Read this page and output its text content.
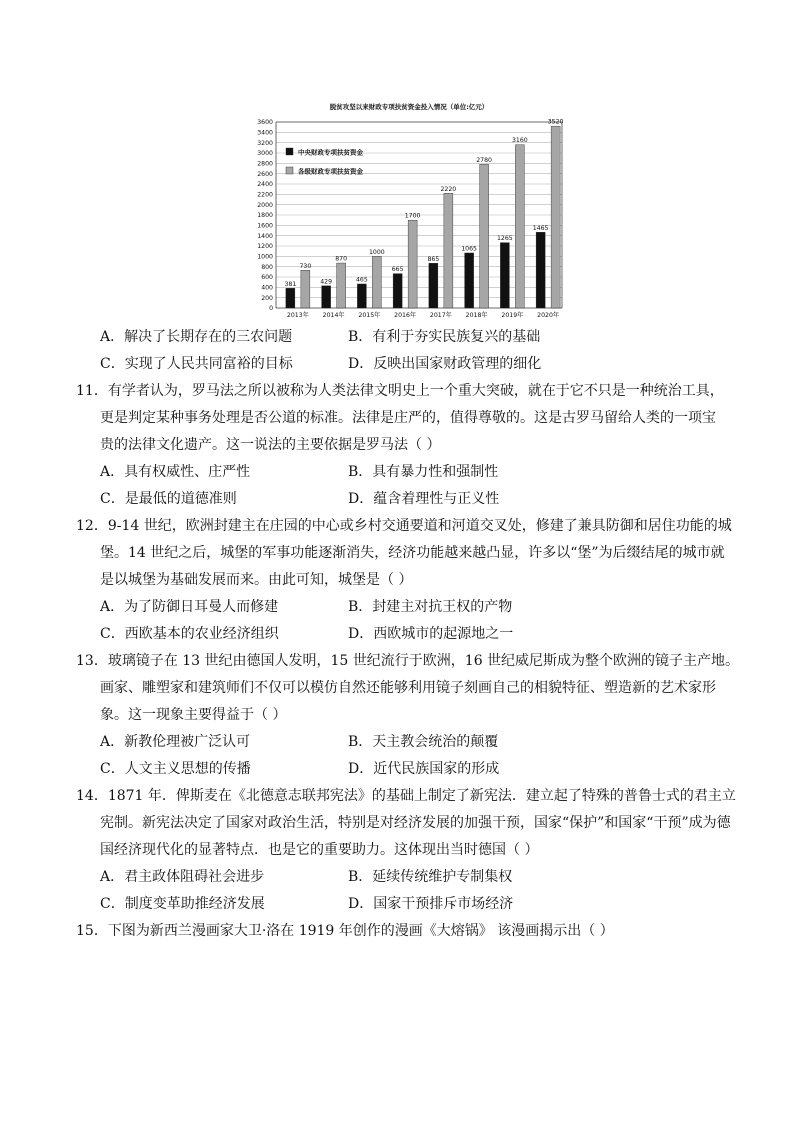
脱贫攻坚以来财政专项扶贫资金投入情况（单位:亿元）
0
200
400
600
800
1000
1200
1400
1600
1800
2000
2200
2400
2600
2800
3000
3200
3400
3600
381
730
2013年
429
870
2014年
465
1000
2015年
665
1700
2016年
865
2220
2017年
1065
2780
2018年
1265
3160
2019年
1465
3520
2020年
中央财政专项扶贫资金
各级财政专项扶贫资金
A．解决了长期存在的三农问题	B．有利于夯实民族复兴的基础
C．实现了人民共同富裕的目标	D．反映出国家财政管理的细化
11．有学者认为，罗马法之所以被称为人类法律文明史上一个重大突破，就在于它不只是一种统治工具，
更是判定某种事务处理是否公道的标准。法律是庄严的，值得尊敬的。这是古罗马留给人类的一项宝
贵的法律文化遗产。这一说法的主要依据是罗马法（ ）
A．具有权威性、庄严性	B．具有暴力性和强制性
C．是最低的道德准则	D．蕴含着理性与正义性
12．9-14 世纪，欧洲封建主在庄园的中心或乡村交通要道和河道交叉处，修建了兼具防御和居住功能的城
堡。14 世纪之后，城堡的军事功能逐渐消失，经济功能越来越凸显，许多以“堡”为后缀结尾的城市就
是以城堡为基础发展而来。由此可知，城堡是（ ）
A．为了防御日耳曼人而修建	B．封建主对抗王权的产物
C．西欧基本的农业经济组织	D．西欧城市的起源地之一
13．玻璃镜子在 13 世纪由德国人发明，15 世纪流行于欧洲，16 世纪威尼斯成为整个欧洲的镜子主产地。
画家、雕塑家和建筑师们不仅可以模仿自然还能够利用镜子刻画自己的相貌特征、塑造新的艺术家形
象。这一现象主要得益于（ ）
A．新教伦理被广泛认可	B．天主教会统治的颠覆
C．人文主义思想的传播	D．近代民族国家的形成
14．1871 年．俾斯麦在《北德意志联邦宪法》的基础上制定了新宪法．建立起了特殊的普鲁士式的君主立
宪制。新宪法决定了国家对政治生活，特别是对经济发展的加强干预，国家“保护”和国家“干预”成为德
国经济现代化的显著特点．也是它的重要助力。这体现出当时德国（ ）
A．君主政体阻碍社会进步	B．延续传统维护专制集权
C．制度变革助推经济发展	D．国家干预排斥市场经济
15．下图为新西兰漫画家大卫·洛在 1919 年创作的漫画《大熔锅》 该漫画揭示出（ ）
